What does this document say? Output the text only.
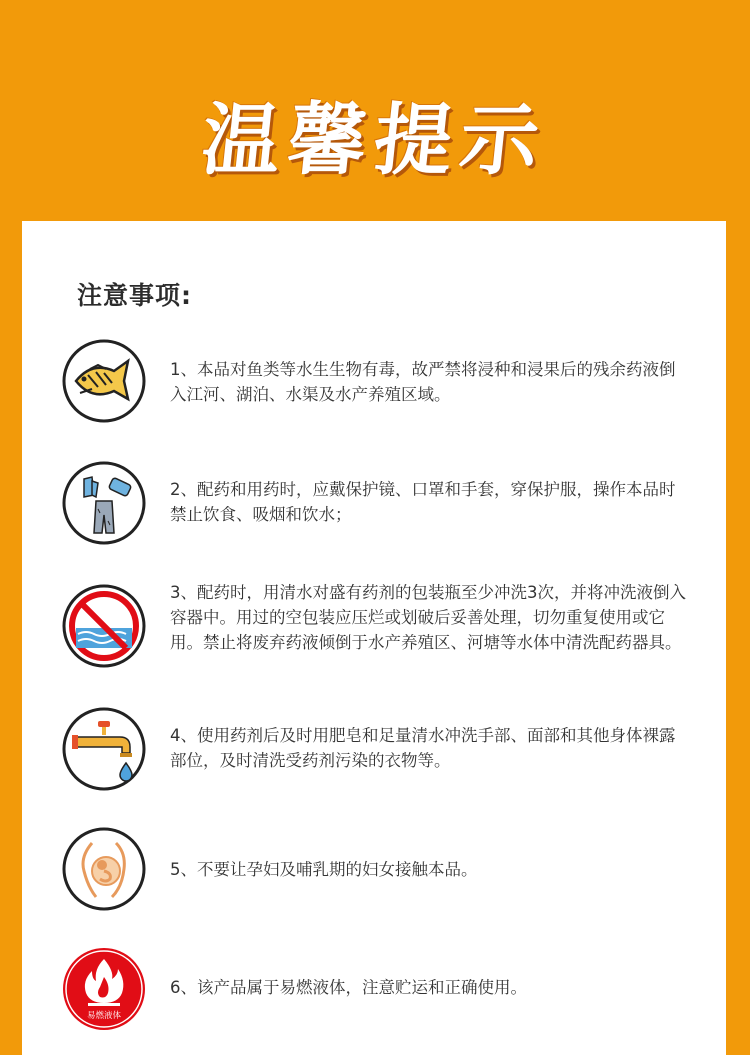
温馨提示
注意事项:
1、本品对鱼类等水生生物有毒，故严禁将浸种和浸果后的残余药液倒入江河、湖泊、水渠及水产养殖区域。
2、配药和用药时，应戴保护镜、口罩和手套，穿保护服，操作本品时禁止饮食、吸烟和饮水；
3、配药时，用清水对盛有药剂的包装瓶至少冲洗3次，并将冲洗液倒入容器中。用过的空包装应压烂或划破后妥善处理，切勿重复使用或它用。禁止将废弃药液倾倒于水产养殖区、河塘等水体中清洗配药器具。
4、使用药剂后及时用肥皂和足量清水冲洗手部、面部和其他身体裸露部位，及时清洗受药剂污染的衣物等。
5、不要让孕妇及哺乳期的妇女接触本品。
易燃液体
6、该产品属于易燃液体，注意贮运和正确使用。
